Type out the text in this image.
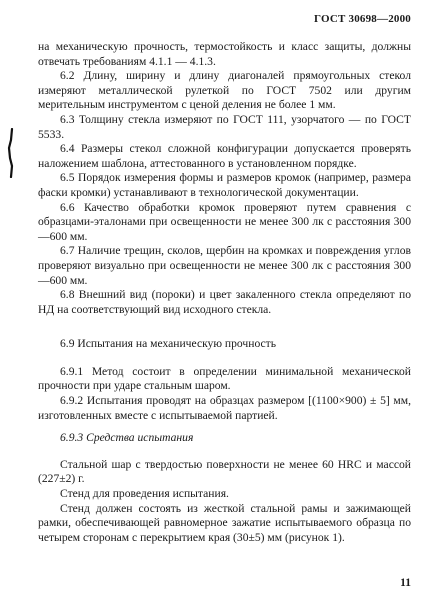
ГОСТ 30698—2000

на механическую прочность, термостойкость и класс защиты, должны отвечать требованиям 4.1.1 — 4.1.3.

6.2 Длину, ширину и длину диагоналей прямоугольных стекол измеряют металлической рулеткой по ГОСТ 7502 или другим мерительным инструментом с ценой деления не более 1 мм.

6.3 Толщину стекла измеряют по ГОСТ 111, узорчатого — по ГОСТ 5533.

6.4 Размеры стекол сложной конфигурации допускается проверять наложением шаблона, аттестованного в установленном порядке.

6.5 Порядок измерения формы и размеров кромок (например, размера фаски кромки) устанавливают в технологической документации.

6.6 Качество обработки кромок проверяют путем сравнения с образцами-эталонами при освещенности не менее 300 лк с расстояния 300—600 мм.

6.7 Наличие трещин, сколов, щербин на кромках и повреждения углов проверяют визуально при освещенности не менее 300 лк с расстояния 300—600 мм.

6.8 Внешний вид (пороки) и цвет закаленного стекла определяют по НД на соответствующий вид исходного стекла.

6.9 Испытания на механическую прочность

6.9.1 Метод состоит в определении минимальной механической прочности при ударе стальным шаром.

6.9.2 Испытания проводят на образцах размером [(1100×900) ± 5] мм, изготовленных вместе с испытываемой партией.

6.9.3 Средства испытания

Стальной шар с твердостью поверхности не менее 60 HRC и массой (227±2) г.

Стенд для проведения испытания.

Стенд должен состоять из жесткой стальной рамы и зажимающей рамки, обеспечивающей равномерное зажатие испытываемого образца по четырем сторонам с перекрытием края (30±5) мм (рисунок 1).

11
